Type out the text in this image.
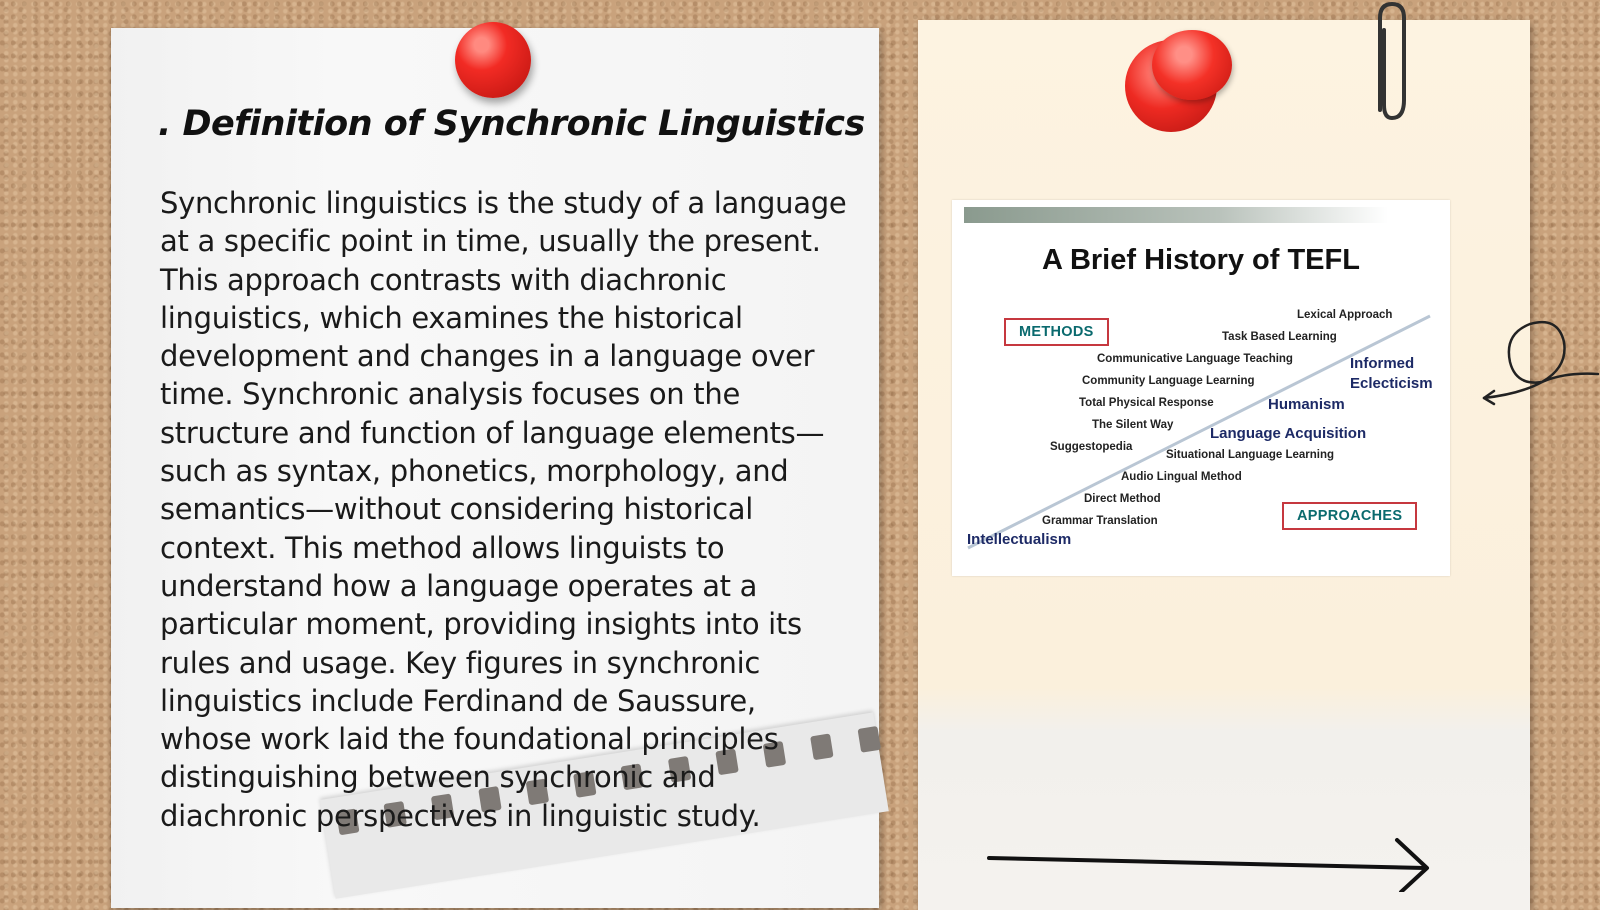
. Definition of Synchronic Linguistics

Synchronic linguistics is the study of a language at a specific point in time, usually the present. This approach contrasts with diachronic linguistics, which examines the historical development and changes in a language over time. Synchronic analysis focuses on the structure and function of language elements—such as syntax, phonetics, morphology, and semantics—without considering historical context. This method allows linguists to understand how a language operates at a particular moment, providing insights into its rules and usage. Key figures in synchronic linguistics include Ferdinand de Saussure, whose work laid the foundational principles distinguishing between synchronic and diachronic perspectives in linguistic study.

A Brief History of TEFL
METHODS
APPROACHES
Lexical Approach
Task Based Learning
Communicative Language Teaching
Community Language Learning
Total Physical Response
The Silent Way
Suggestopedia
Situational Language Learning
Audio Lingual Method
Direct Method
Grammar Translation
Informed
Eclecticism
Humanism
Language Acquisition
Intellectualism
